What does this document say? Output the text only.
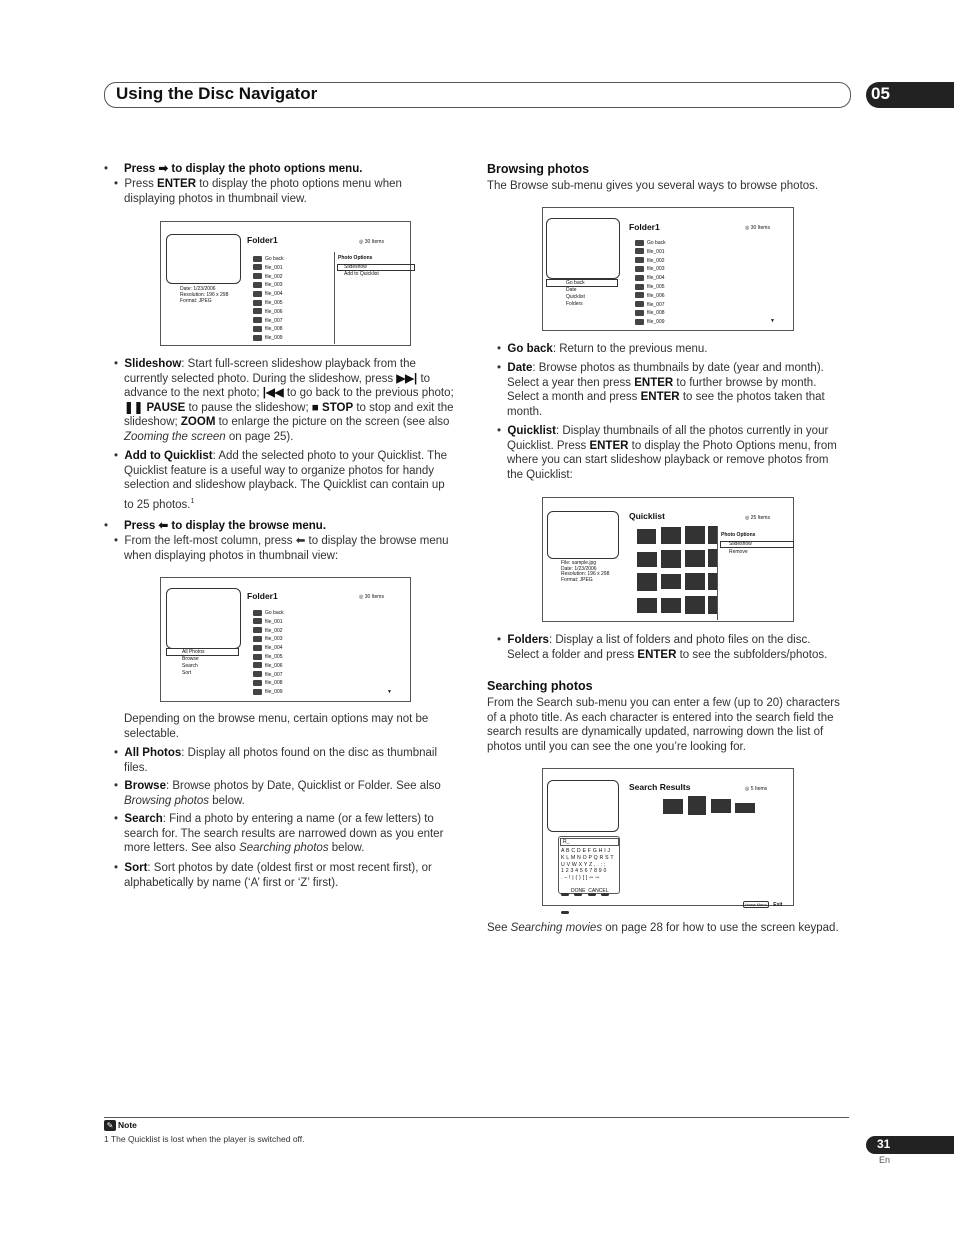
Using the Disc Navigator	05
• Press ➡ to display the photo options menu.
•  Press ENTER to display the photo options menu when
displaying photos in thumbnail view.
Date: 1/23/2006
Resolution: 196 x 298
Format: JPEG
Folder1	◎ 30 Items
Go back
file_001
file_002
file_003
file_004
file_005
file_006
file_007
file_008
file_009
Photo Options
Slideshow
Add to Quicklist
•  Slideshow: Start full-screen slideshow playback from the
currently selected photo. During the slideshow, press ▶▶| to
advance to the next photo; |◀◀ to go back to the previous photo;
❚❚ PAUSE to pause the slideshow; ■ STOP to stop and exit the
slideshow; ZOOM to enlarge the picture on the screen (see also
Zooming the screen on page 25).
•  Add to Quicklist: Add the selected photo to your Quicklist. The
Quicklist feature is a useful way to organize photos for handy
selection and slideshow playback. The Quicklist can contain up
to 25 photos.$^1$
• Press ⬅ to display the browse menu.
•  From the left-most column, press ⬅ to display the browse menu
when displaying photos in thumbnail view:
All Photos
Browse
Search
Sort
Folder1	◎ 30 Items
Go back
file_001
file_002
file_003
file_004
file_005
file_006
file_007
file_008
file_009	▼
Depending on the browse menu, certain options may not be
selectable.
•  All Photos: Display all photos found on the disc as thumbnail
files.
•  Browse: Browse photos by Date, Quicklist or Folder. See also
Browsing photos below.
•  Search: Find a photo by entering a name (or a few letters) to
search for. The search results are narrowed down as you enter
more letters. See also Searching photos below.
•  Sort: Sort photos by date (oldest first or most recent first), or
alphabetically by name (‘A’ first or ‘Z’ first).
Browsing photos
The Browse sub-menu gives you several ways to browse photos.
Go back
Date
Quicklist
Folders
Folder1	◎ 30 Items
Go back
file_001
file_002
file_003
file_004
file_005
file_006
file_007
file_008
file_009	▼
•  Go back: Return to the previous menu.
•  Date: Browse photos as thumbnails by date (year and month).
Select a year then press ENTER to further browse by month.
Select a month and press ENTER to see the photos taken that
month.
•  Quicklist: Display thumbnails of all the photos currently in your
Quicklist. Press ENTER to display the Photo Options menu, from
where you can start slideshow playback or remove photos from
the Quicklist:
File: sample.jpg
Date: 1/23/2006
Resolution: 196 x 298
Format: JPEG
Quicklist	◎ 25 Items
Photo Options
Slideshow
Remove
•  Folders: Display a list of folders and photo files on the disc.
Select a folder and press ENTER to see the subfolders/photos.
Searching photos
From the Search sub-menu you can enter a few (up to 20) characters
of a photo title. As each character is entered into the search field the
search results are dynamically updated, narrowing down the list of
photos until you can see the one you’re looking for.
Search Results	◎ 5 Items
R_
A B C D E F G H I J
K L M N O P Q R S T
U V W X Y Z , . : ;
1 2 3 4 5 6 7 8 9 0
. – ! | ( ) [ ] ⇦ ⇨

DONE CANCEL
Home Menu Exit
See Searching movies on page 28 for how to use the screen keypad.
✎ Note
1 The Quicklist is lost when the player is switched off.	31
En
